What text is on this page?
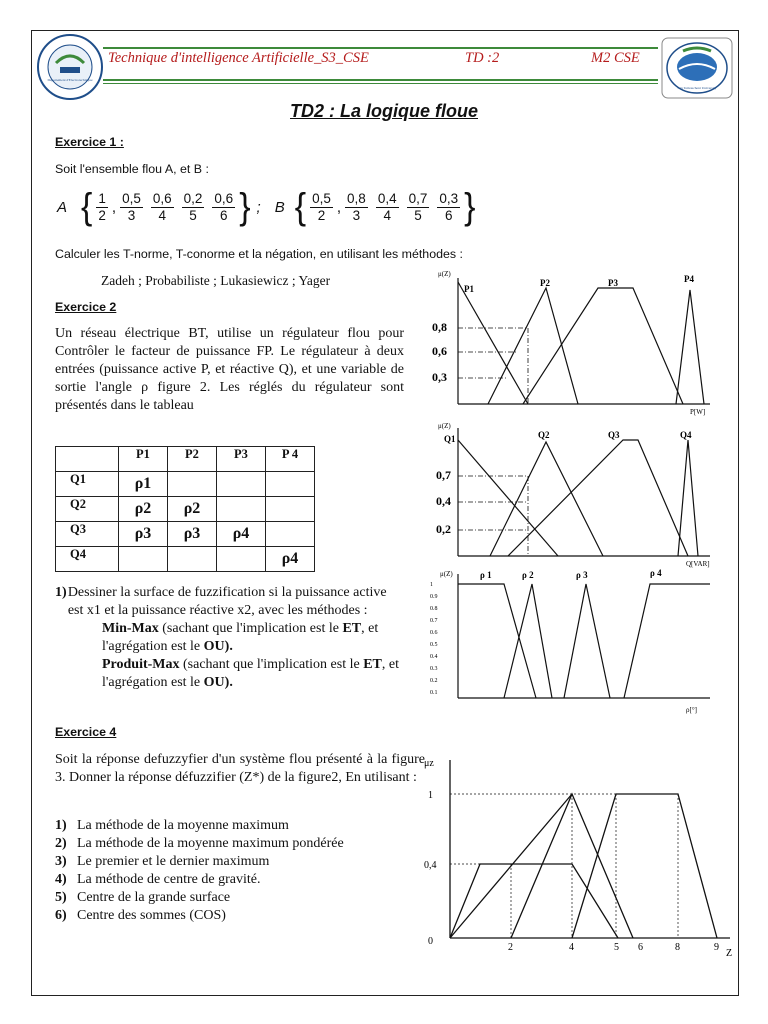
Département d'Electrotechnique
Ain Temouchent University
Technique d'intelligence Artificielle_S3_CSE	TD :2	M2 CSE
TD2 : La logique floue
Exercice 1 :
Soit l'ensemble flou A, et B :
A { $\frac{1}{2}$ , $\frac{0,5}{3} \frac{0,6}{4} \frac{0,2}{5} \frac{0,6}{6}$ } ; B { $\frac{0,5}{2}$ , $\frac{0,8}{3} \frac{0,4}{4} \frac{0,7}{5} \frac{0,3}{6}$ }
Calculer les T-norme, T-conorme et la négation, en utilisant les méthodes :
Zadeh ; Probabiliste ; Lukasiewicz ; Yager
Exercice 2
Un réseau électrique BT, utilise un régulateur flou pour Contrôler le facteur de puissance FP. Le régulateur à deux entrées (puissance active P, et réactive Q), et une variable de sortie l'angle ρ figure 2. Les réglés du régulateur sont présentés dans le tableau
	P1	P2	P3	P 4
Q1	ρ1			
Q2	ρ2	ρ2		
Q3	ρ3	ρ3	ρ4	
Q4				ρ4
1) Dessiner la surface de fuzzification si la puissance active est x1 et la puissance réactive x2, avec les méthodes :
Min-Max (sachant que l'implication est le ET, et l'agrégation est le OU).
Produit-Max (sachant que l'implication est le ET, et l'agrégation est le OU).
Exercice 4
Soit la réponse defuzzyfier d'un système flou présenté à la figure 3. Donner la réponse défuzzifier (Z*) de la figure2, En utilisant :
1) La méthode de la moyenne maximum
2) La méthode de la moyenne maximum pondérée
3) Le premier et le dernier maximum
4) La méthode de centre de gravité.
5) Centre de la grande surface
6) Centre des sommes (COS)
μ(Z)
P[W]
P1
P2	P3	P4
0,8
0,6
0,3
μ(Z)
Q[VAR]
Q1	Q2	Q3	Q4
0,7
0,4
0,2
μ(Z)
ρ[°]
ρ 1	ρ 2	ρ 3	ρ 4
1
0.9
0.8
0.7
0.6
0.5
0.4
0.3
0.2
0.1
μz
Z
1
0,4
0
2	4	5 6	8	9
